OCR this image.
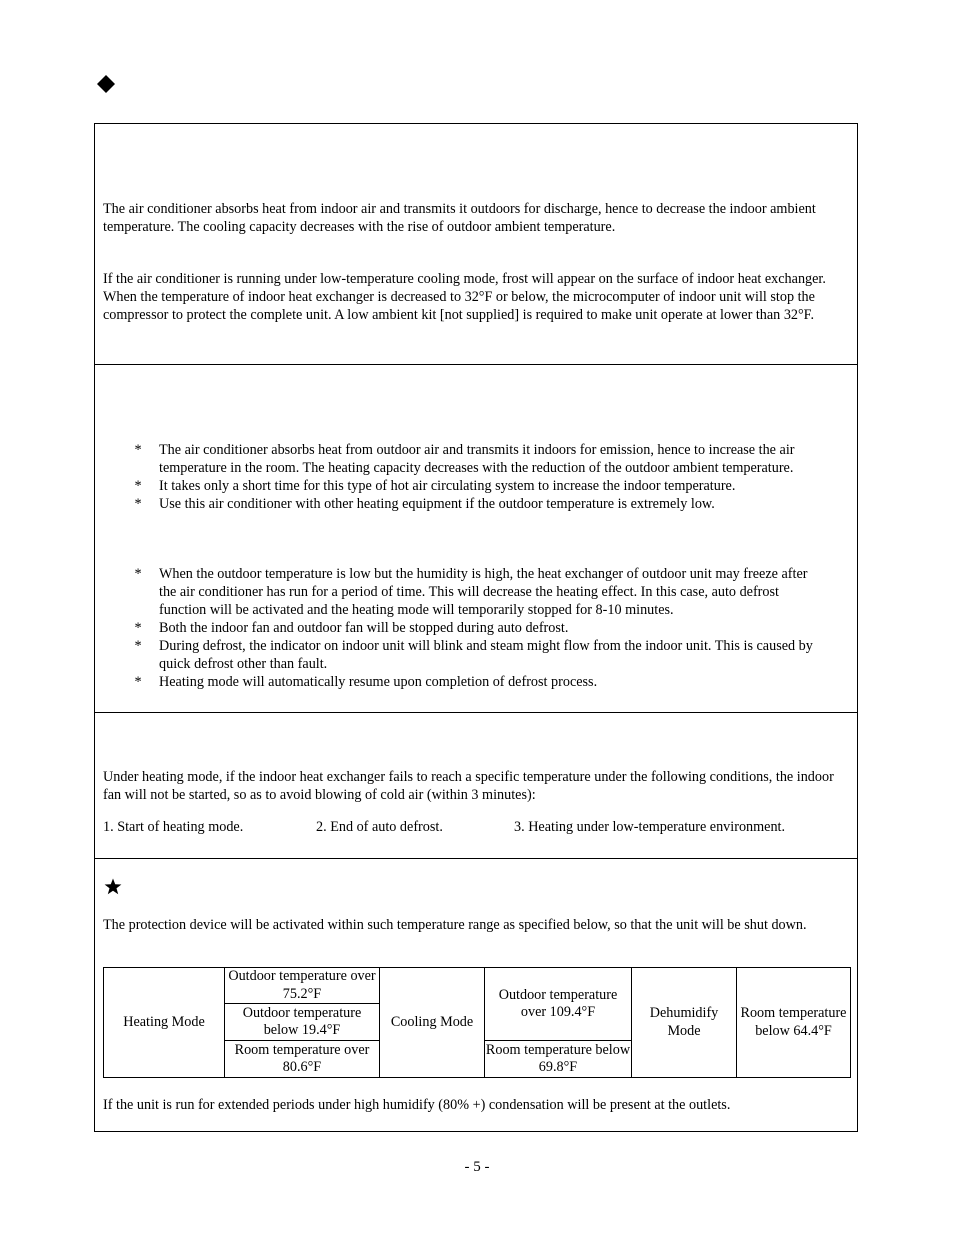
The air conditioner absorbs heat from indoor air and transmits it outdoors for discharge, hence to decrease the indoor ambient temperature. The cooling capacity decreases with the rise of outdoor ambient temperature.

If the air conditioner is running under low-temperature cooling mode, frost will appear on the surface of indoor heat exchanger. When the temperature of indoor heat exchanger is decreased to 32°F or below, the microcomputer of indoor unit will stop the compressor to protect the complete unit. A low ambient kit [not supplied] is required to make unit operate at lower than 32°F.

* The air conditioner absorbs heat from outdoor air and transmits it indoors for emission, hence to increase the air temperature in the room. The heating capacity decreases with the reduction of the outdoor ambient temperature.
* It takes only a short time for this type of hot air circulating system to increase the indoor temperature.
* Use this air conditioner with other heating equipment if the outdoor temperature is extremely low.
* When the outdoor temperature is low but the humidity is high, the heat exchanger of outdoor unit may freeze after the air conditioner has run for a period of time. This will decrease the heating effect. In this case, auto defrost function will be activated and the heating mode will temporarily stopped for 8-10 minutes.
* Both the indoor fan and outdoor fan will be stopped during auto defrost.
* During defrost, the indicator on indoor unit will blink and steam might flow from the indoor unit. This is caused by quick defrost other than fault.
* Heating mode will automatically resume upon completion of defrost process.

Under heating mode, if the indoor heat exchanger fails to reach a specific temperature under the following conditions, the indoor fan will not be started, so as to avoid blowing of cold air (within 3 minutes):

1. Start of heating mode.	2. End of auto defrost.	3. Heating under low-temperature environment.

The protection device will be activated within such temperature range as specified below, so that the unit will be shut down.

Heating Mode
Outdoor temperature over 75.2°F
Outdoor temperature below 19.4°F
Room temperature over 80.6°F
Cooling Mode
Outdoor temperature over 109.4°F
Room temperature below 69.8°F
Dehumidify Mode
Room temperature below 64.4°F

If the unit is run for extended periods under high humidify (80% +) condensation will be present at the outlets.

- 5 -
